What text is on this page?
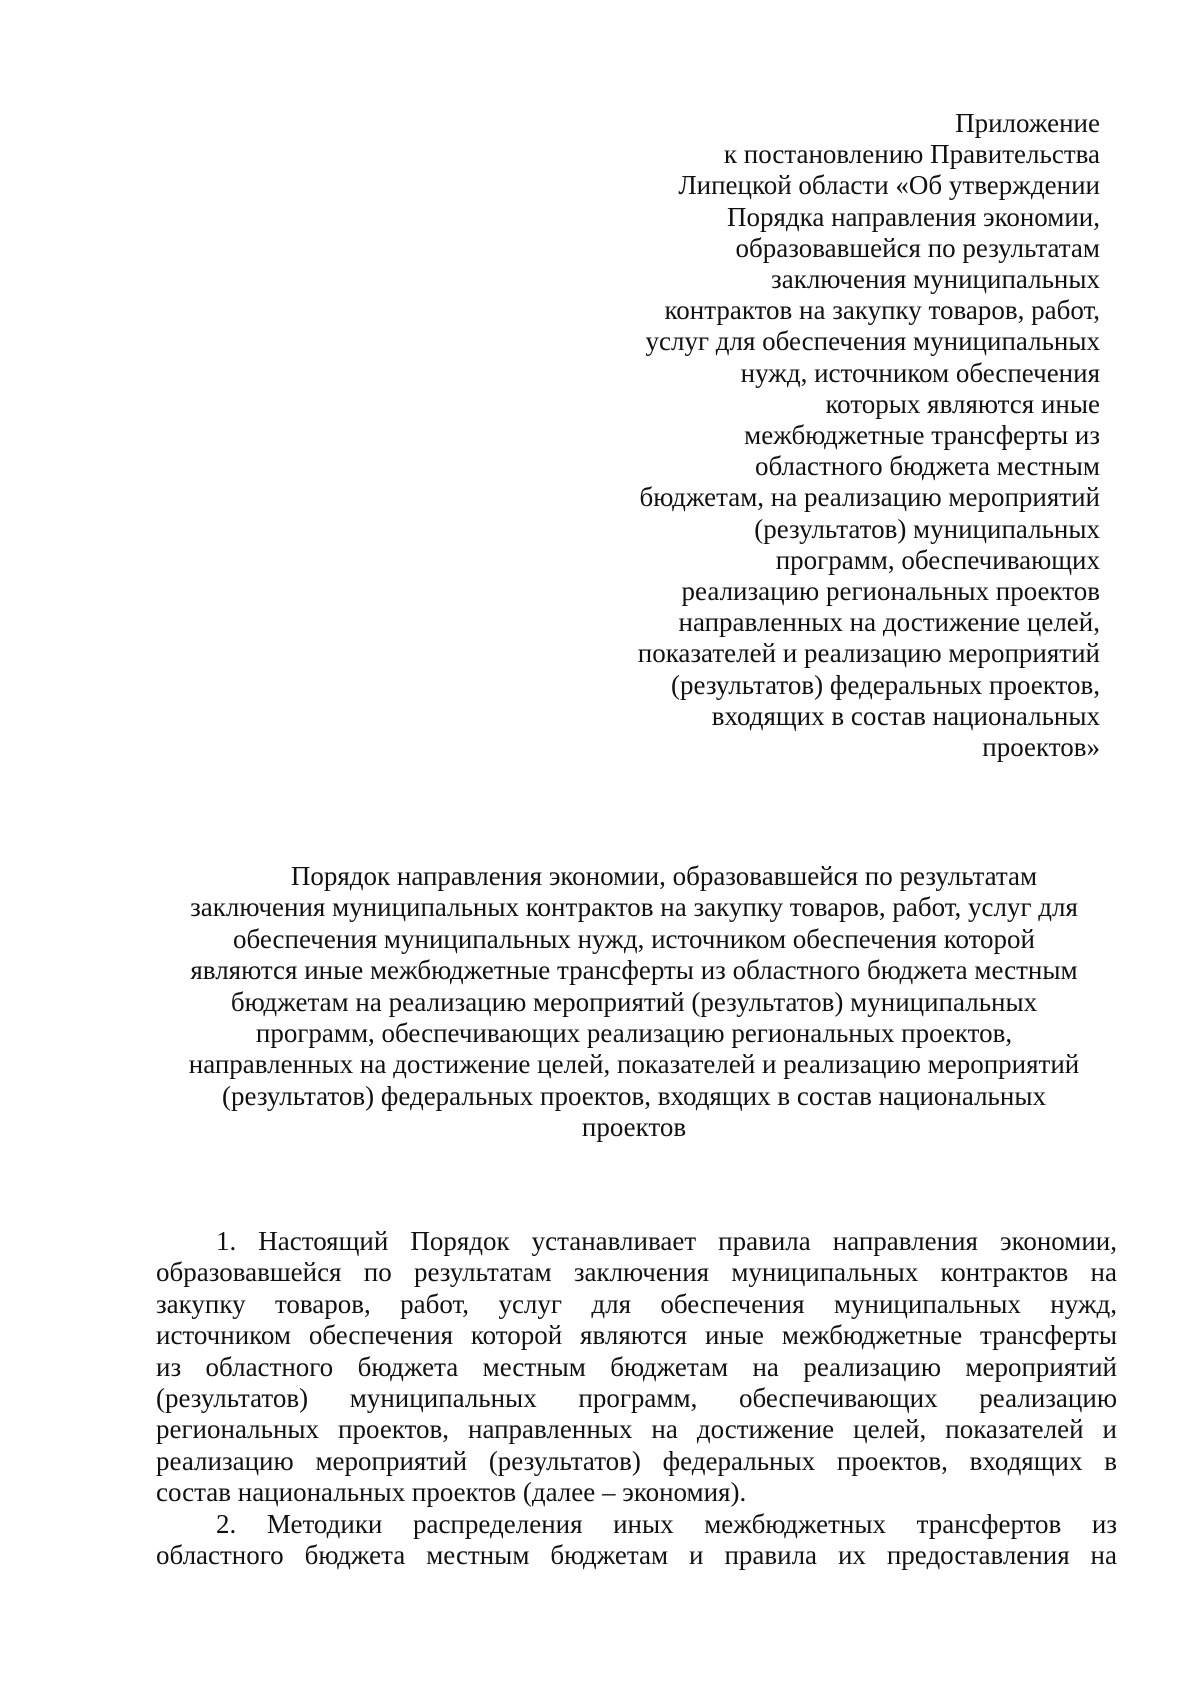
Приложение
к постановлению Правительства
Липецкой области «Об утверждении
Порядка направления экономии,
образовавшейся по результатам
заключения муниципальных
контрактов на закупку товаров, работ,
услуг для обеспечения муниципальных
нужд, источником обеспечения
которых являются иные
межбюджетные трансферты из
областного бюджета местным
бюджетам, на реализацию мероприятий
(результатов) муниципальных
программ, обеспечивающих
реализацию региональных проектов
направленных на достижение целей,
показателей и реализацию мероприятий
(результатов) федеральных проектов,
входящих в состав национальных
проектов»
Порядок направления экономии, образовавшейся по результатам
заключения муниципальных контрактов на закупку товаров, работ, услуг для
обеспечения муниципальных нужд, источником обеспечения которой
являются иные межбюджетные трансферты из областного бюджета местным
бюджетам на реализацию мероприятий (результатов) муниципальных
программ, обеспечивающих реализацию региональных проектов,
направленных на достижение целей, показателей и реализацию мероприятий
(результатов) федеральных проектов, входящих в состав национальных
проектов
1. Настоящий Порядок устанавливает правила направления экономии,
образовавшейся по результатам заключения муниципальных контрактов на
закупку товаров, работ, услуг для обеспечения муниципальных нужд,
источником обеспечения которой являются иные межбюджетные трансферты
из областного бюджета местным бюджетам на реализацию мероприятий
(результатов) муниципальных программ, обеспечивающих реализацию
региональных проектов, направленных на достижение целей, показателей и
реализацию мероприятий (результатов) федеральных проектов, входящих в
состав национальных проектов (далее – экономия).
2. Методики распределения иных межбюджетных трансфертов из
областного бюджета местным бюджетам и правила их предоставления на
